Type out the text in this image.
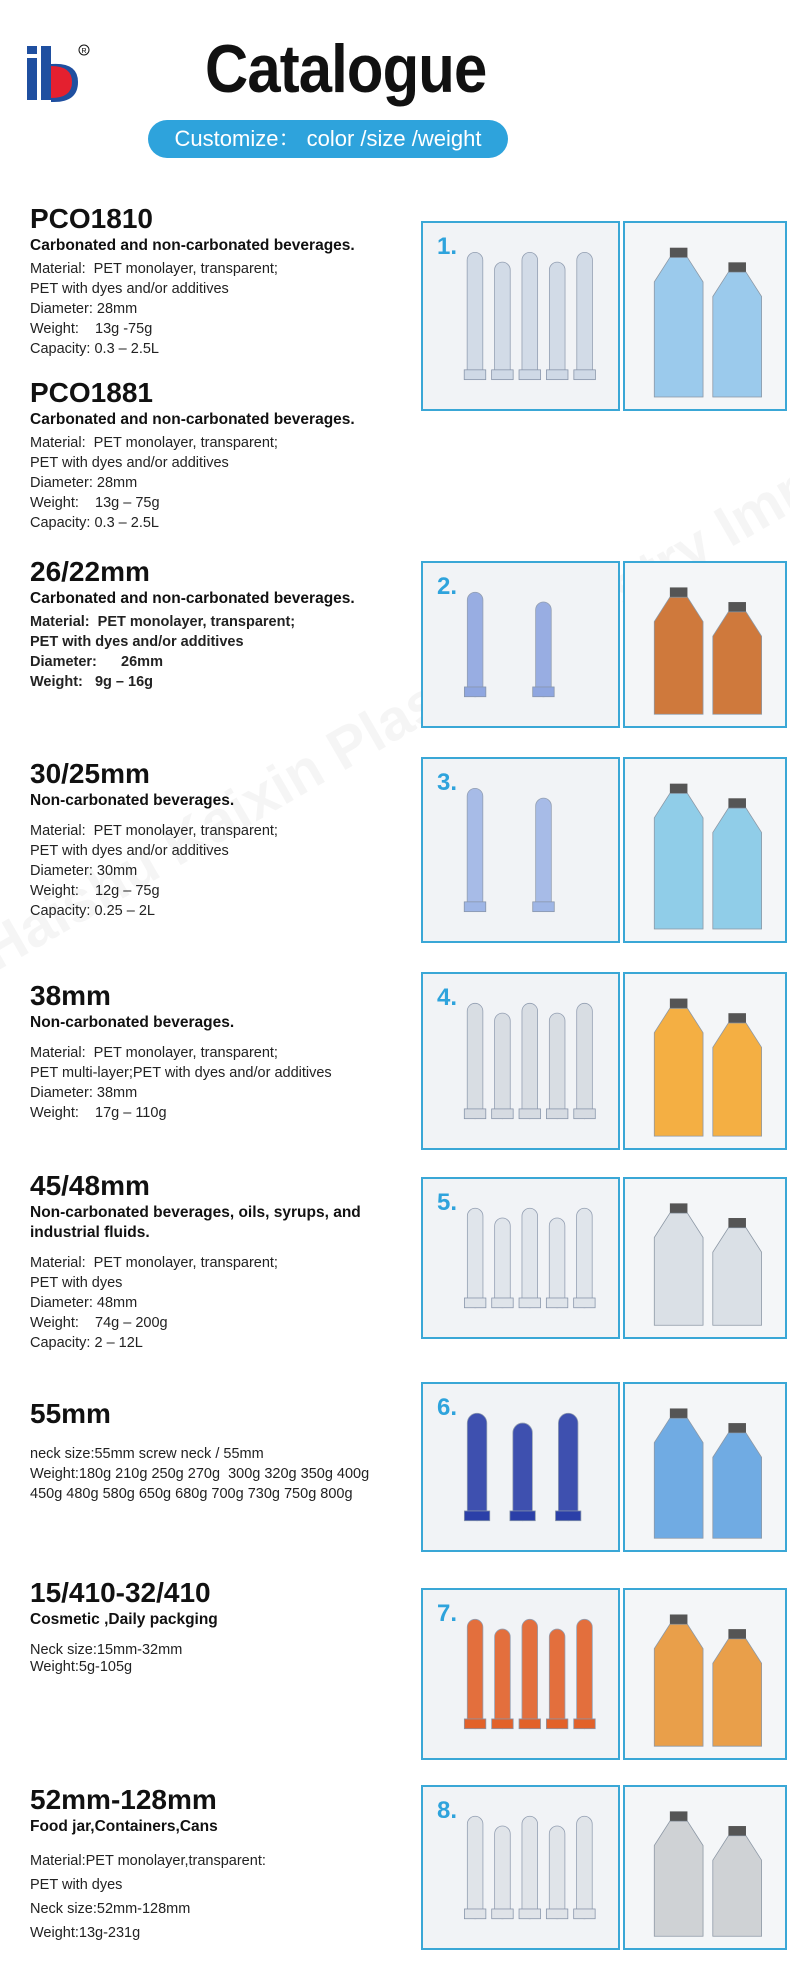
R Catalogue
Customize： color /size /weight
PCO1810
Carbonated and non-carbonated beverages.
Material:  PET monolayer, transparent;
PET with dyes and/or additives
Diameter: 28mm
Weight:    13g -75g
Capacity: 0.3 – 2.5L
PCO1881
Carbonated and non-carbonated beverages.
Material:  PET monolayer, transparent;
PET with dyes and/or additives
Diameter: 28mm
Weight:    13g – 75g
Capacity: 0.3 – 2.5L
26/22mm
Carbonated and non-carbonated beverages.
Material:  PET monolayer, transparent;
PET with dyes and/or additives
Diameter:      26mm
Weight:   9g – 16g
30/25mm
Non-carbonated beverages.
Material:  PET monolayer, transparent;
PET with dyes and/or additives
Diameter: 30mm
Weight:    12g – 75g
Capacity: 0.25 – 2L
38mm
Non-carbonated beverages.
Material:  PET monolayer, transparent;
PET multi-layer;PET with dyes and/or additives
Diameter: 38mm
Weight:    17g – 110g
45/48mm
Non-carbonated beverages, oils, syrups, and industrial fluids.
Material:  PET monolayer, transparent;
PET with dyes
Diameter: 48mm
Weight:    74g – 200g
Capacity: 2 – 12L
55mm
neck size:55mm screw neck / 55mm
Weight:180g 210g 250g 270g  300g 320g 350g 400g
450g 480g 580g 650g 680g 700g 730g 750g 800g
15/410-32/410
Cosmetic ,Daily packging
Neck size:15mm-32mm
Weight:5g-105g
52mm-128mm
Food jar,Containers,Cans
Material:PET monolayer,transparent:
PET with dyes
Neck size:52mm-128mm
Weight:13g-231g
1.
2.
3.
4.
5.
6.
7.
8.
